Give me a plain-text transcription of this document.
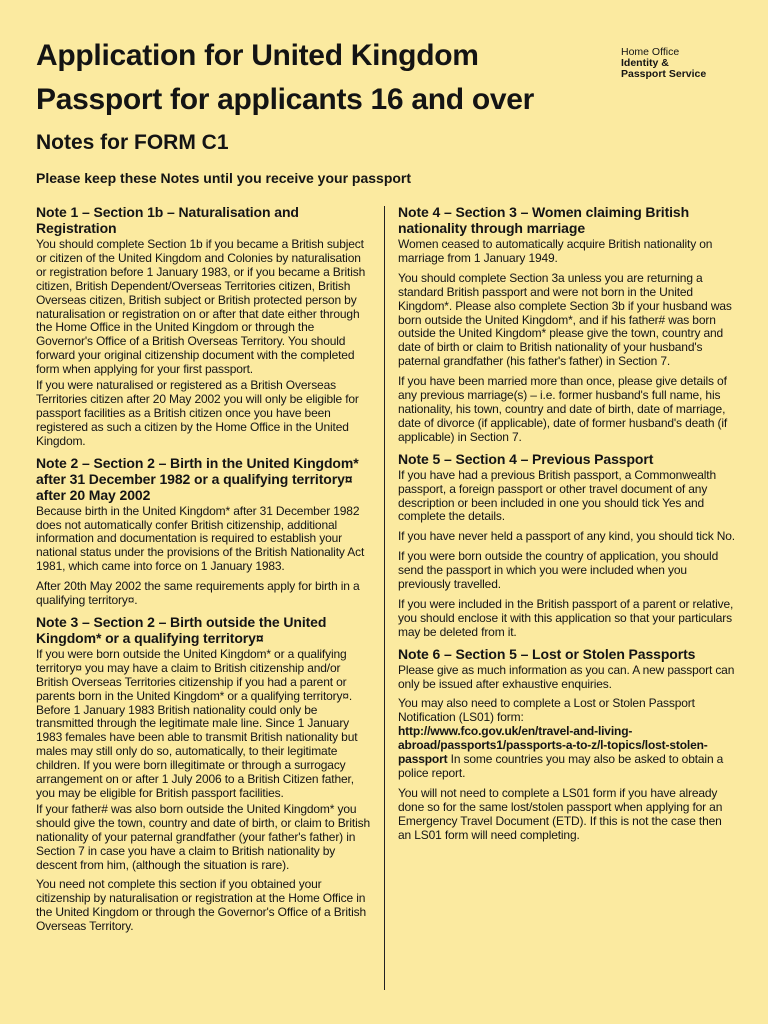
Application for United Kingdom
Passport for applicants 16 and over
Home Office
Identity &
Passport Service
Notes for FORM C1

Please keep these Notes until you receive your passport

Note 1 – Section 1b – Naturalisation and Registration

You should complete Section 1b if you became a British subject or citizen of the United Kingdom and Colonies by naturalisation or registration before 1 January 1983, or if you became a British citizen, British Dependent/Overseas Territories citizen, British Overseas citizen, British subject or British protected person by naturalisation or registration on or after that date either through the Home Office in the United Kingdom or through the Governor's Office of a British Overseas Territory. You should forward your original citizenship document with the completed form when applying for your first passport.

If you were naturalised or registered as a British Overseas Territories citizen after 20 May 2002 you will only be eligible for passport facilities as a British citizen once you have been registered as such a citizen by the Home Office in the United Kingdom.

Note 2 – Section 2 – Birth in the United Kingdom* after 31 December 1982 or a qualifying territory¤ after 20 May 2002

Because birth in the United Kingdom* after 31 December 1982 does not automatically confer British citizenship, additional information and documentation is required to establish your national status under the provisions of the British Nationality Act 1981, which came into force on 1 January 1983.

After 20th May 2002 the same requirements apply for birth in a qualifying territory¤.

Note 3 – Section 2 – Birth outside the United Kingdom* or a qualifying territory¤

If you were born outside the United Kingdom* or a qualifying territory¤ you may have a claim to British citizenship and/or British Overseas Territories citizenship if you had a parent or parents born in the United Kingdom* or a qualifying territory¤. Before 1 January 1983 British nationality could only be transmitted through the legitimate male line. Since 1 January 1983 females have been able to transmit British nationality but males may still only do so, automatically, to their legitimate children. If you were born illegitimate or through a surrogacy arrangement on or after 1 July 2006 to a British Citizen father, you may be eligible for British passport facilities.

If your father# was also born outside the United Kingdom* you should give the town, country and date of birth, or claim to British nationality of your paternal grandfather (your father's father) in Section 7 in case you have a claim to British nationality by descent from him, (although the situation is rare).

You need not complete this section if you obtained your citizenship by naturalisation or registration at the Home Office in the United Kingdom or through the Governor's Office of a British Overseas Territory.

Note 4 – Section 3 – Women claiming British nationality through marriage

Women ceased to automatically acquire British nationality on marriage from 1 January 1949.

You should complete Section 3a unless you are returning a standard British passport and were not born in the United Kingdom*. Please also complete Section 3b if your husband was born outside the United Kingdom*, and if his father# was born outside the United Kingdom* please give the town, country and date of birth or claim to British nationality of your husband's paternal grandfather (his father's father) in Section 7.

If you have been married more than once, please give details of any previous marriage(s) – i.e. former husband's full name, his nationality, his town, country and date of birth, date of marriage, date of divorce (if applicable), date of former husband's death (if applicable) in Section 7.

Note 5 – Section 4 – Previous Passport

If you have had a previous British passport, a Commonwealth passport, a foreign passport or other travel document of any description or been included in one you should tick Yes and complete the details.

If you have never held a passport of any kind, you should tick No.

If you were born outside the country of application, you should send the passport in which you were included when you previously travelled.

If you were included in the British passport of a parent or relative, you should enclose it with this application so that your particulars may be deleted from it.

Note 6 – Section 5 – Lost or Stolen Passports

Please give as much information as you can. A new passport can only be issued after exhaustive enquiries.

You may also need to complete a Lost or Stolen Passport Notification (LS01) form:
http://www.fco.gov.uk/en/travel-and-living-abroad/passports1/passports-a-to-z/l-topics/lost-stolen-passport In some countries you may also be asked to obtain a police report.

You will not need to complete a LS01 form if you have already done so for the same lost/stolen passport when applying for an Emergency Travel Document (ETD). If this is not the case then an LS01 form will need completing.
